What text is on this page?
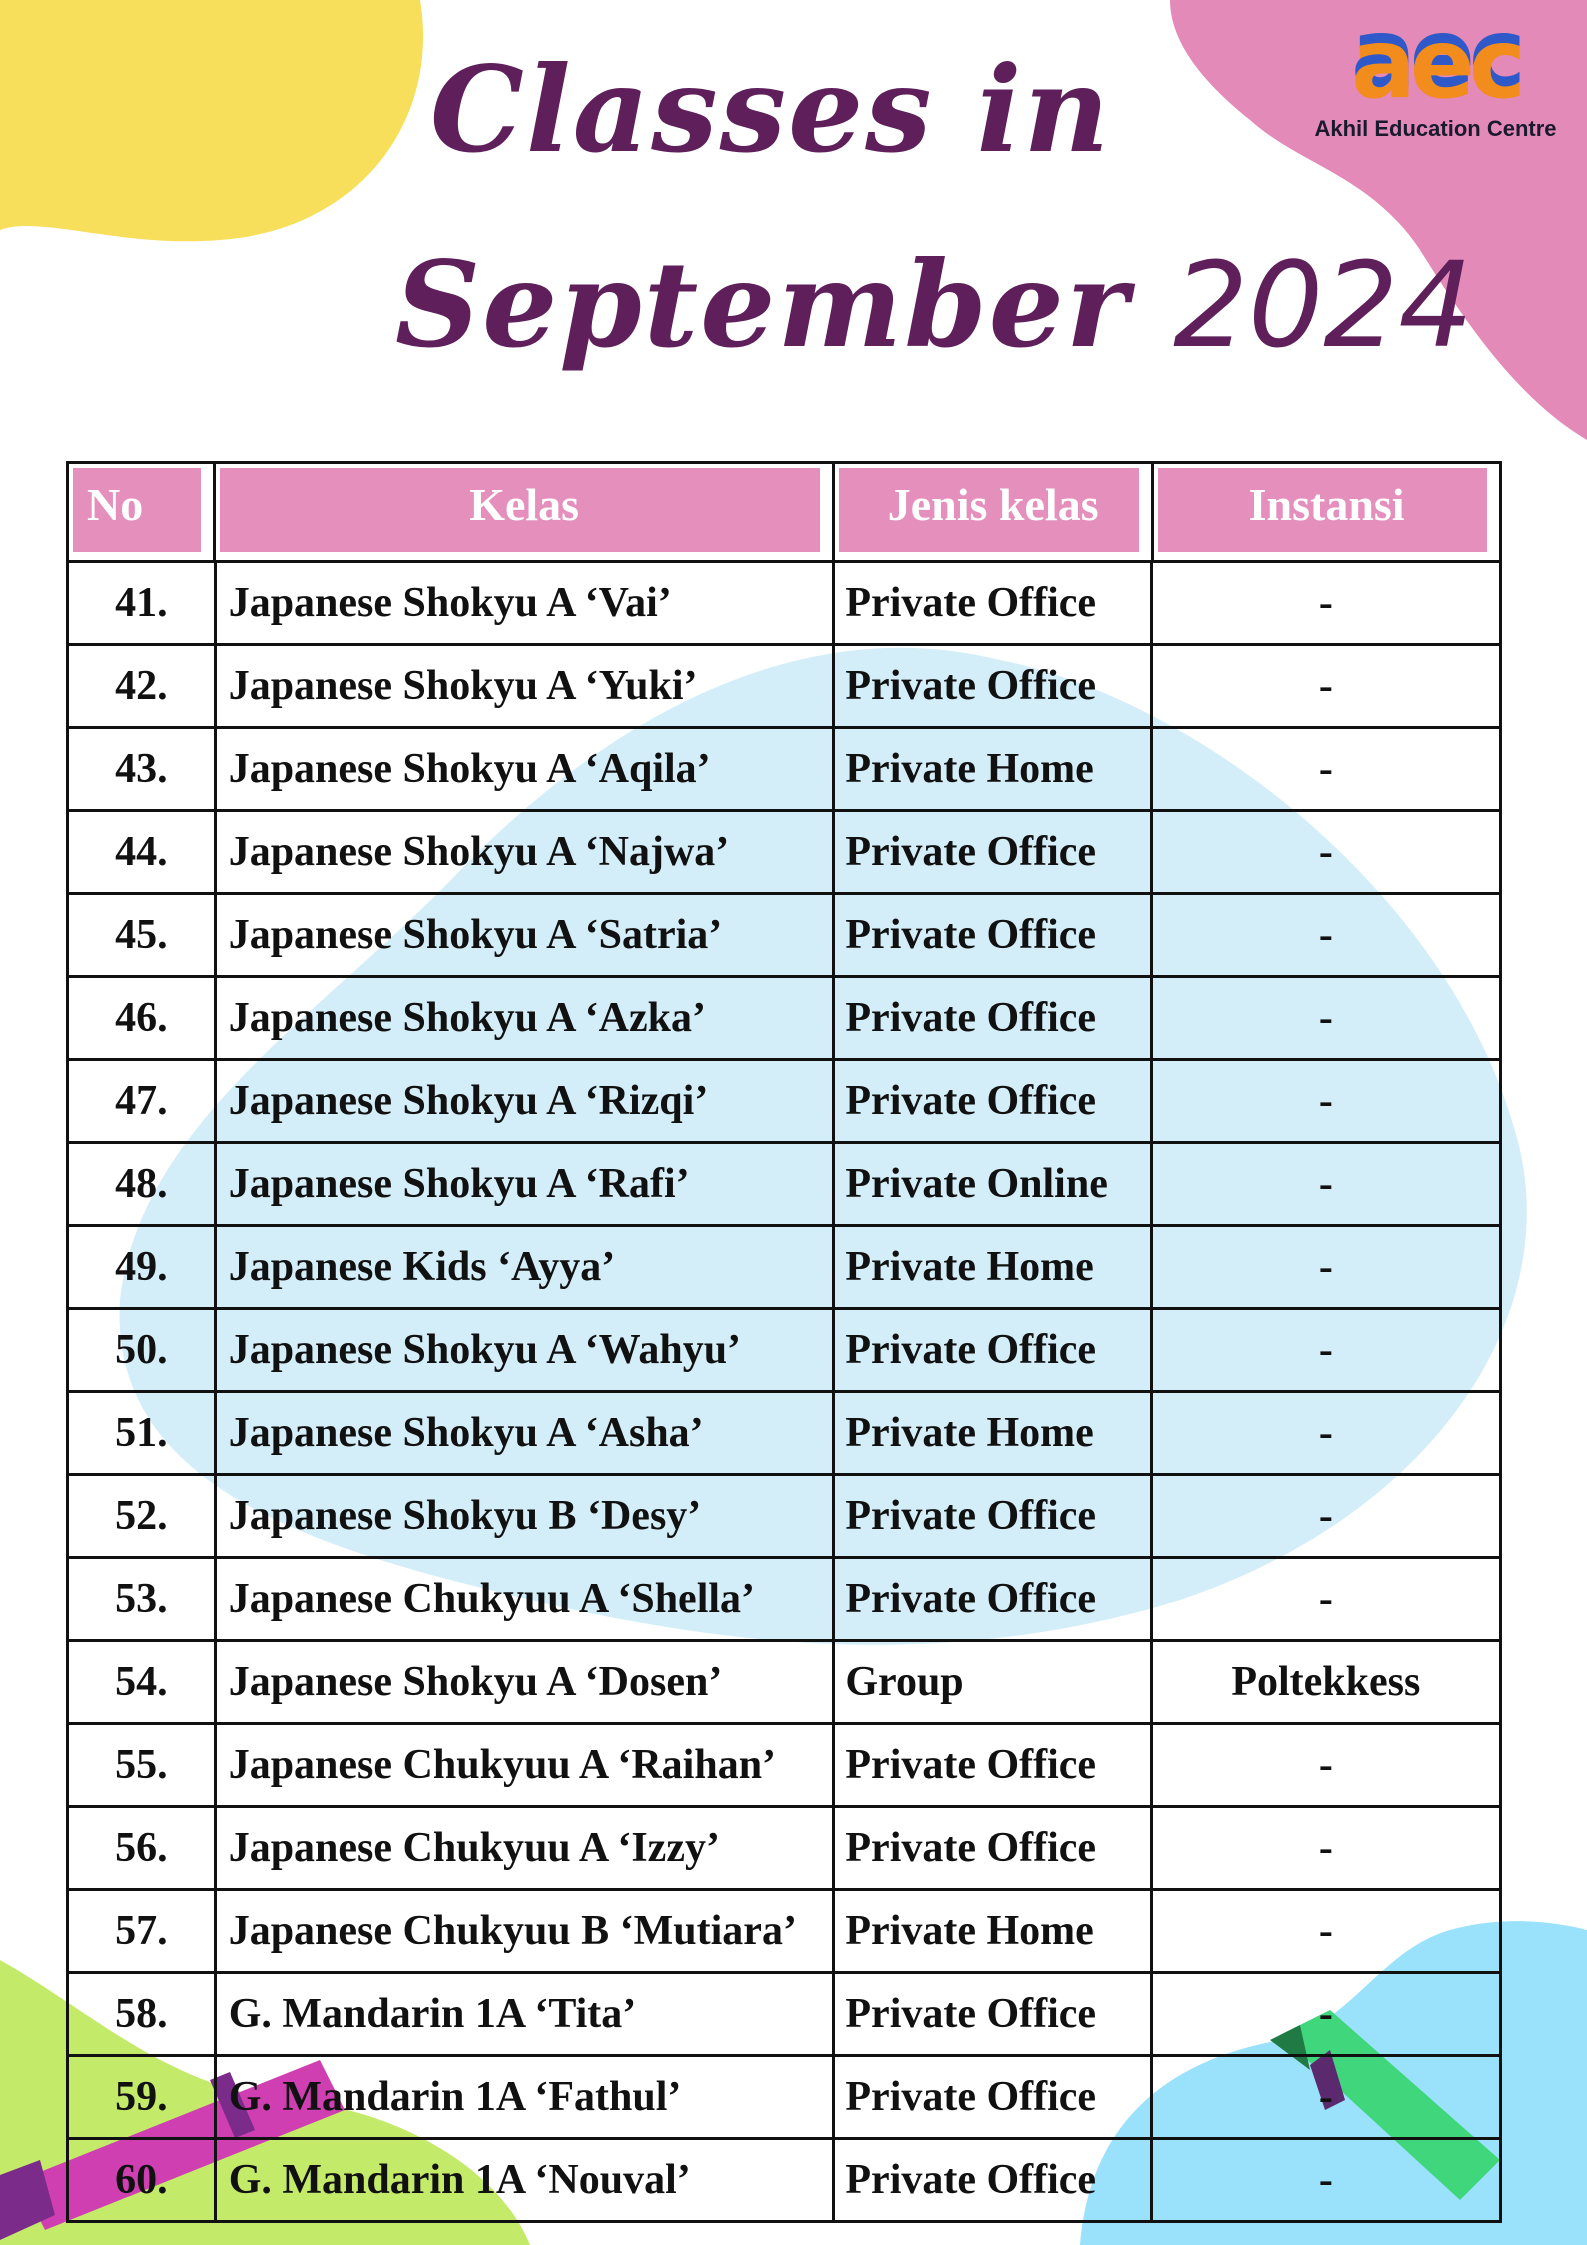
Classes in
September 2024
aec
Akhil Education Centre
No	Kelas	Jenis kelas	Instansi
41.	Japanese Shokyu A ‘Vai’	Private Office	-
42.	Japanese Shokyu A ‘Yuki’	Private Office	-
43.	Japanese Shokyu A ‘Aqila’	Private Home	-
44.	Japanese Shokyu A ‘Najwa’	Private Office	-
45.	Japanese Shokyu A ‘Satria’	Private Office	-
46.	Japanese Shokyu A ‘Azka’	Private Office	-
47.	Japanese Shokyu A ‘Rizqi’	Private Office	-
48.	Japanese Shokyu A ‘Rafi’	Private Online	-
49.	Japanese Kids ‘Ayya’	Private Home	-
50.	Japanese Shokyu A ‘Wahyu’	Private Office	-
51.	Japanese Shokyu A ‘Asha’	Private Home	-
52.	Japanese Shokyu B ‘Desy’	Private Office	-
53.	Japanese Chukyuu A ‘Shella’	Private Office	-
54.	Japanese Shokyu A ‘Dosen’	Group	Poltekkess
55.	Japanese Chukyuu A ‘Raihan’	Private Office	-
56.	Japanese Chukyuu A ‘Izzy’	Private Office	-
57.	Japanese Chukyuu B ‘Mutiara’	Private Home	-
58.	G. Mandarin 1A ‘Tita’	Private Office	-
59.	G. Mandarin 1A ‘Fathul’	Private Office	-
60.	G. Mandarin 1A ‘Nouval’	Private Office	-
